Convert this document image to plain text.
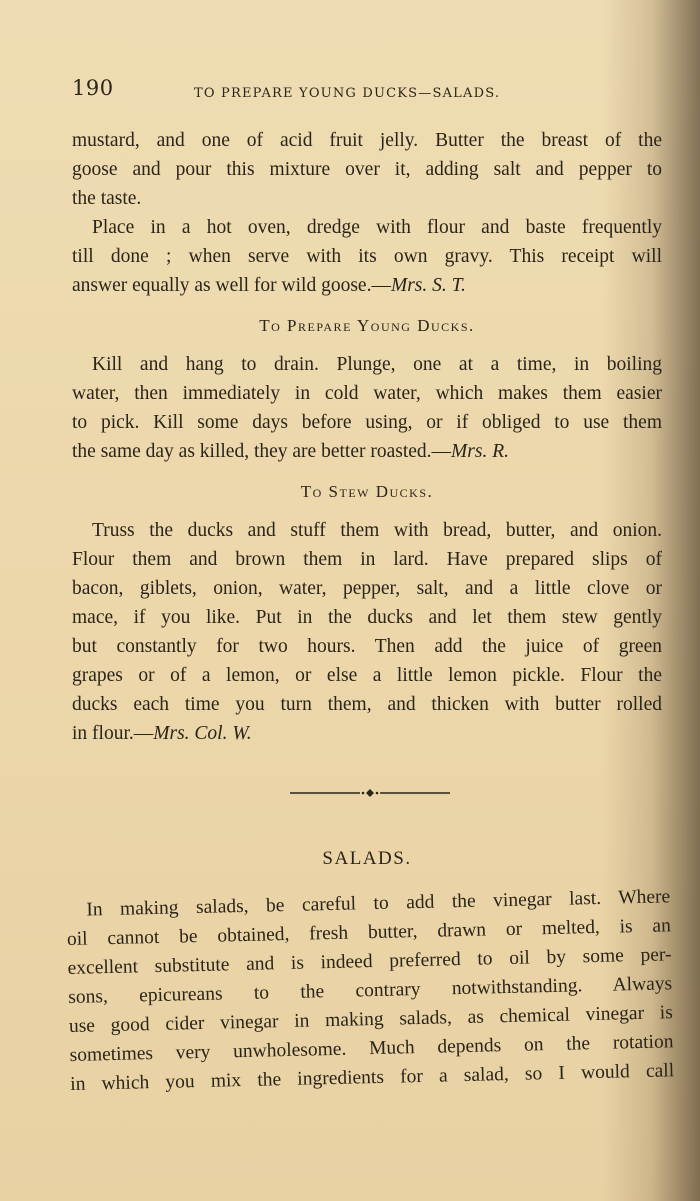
190	TO PREPARE YOUNG DUCKS—SALADS.

mustard, and one of acid fruit jelly. Butter the breast of the
goose and pour this mixture over it, adding salt and pepper to
the taste.

Place in a hot oven, dredge with flour and baste frequently
till done ; when serve with its own gravy. This receipt will
answer equally as well for wild goose.—Mrs. S. T.

To Prepare Young Ducks.

Kill and hang to drain. Plunge, one at a time, in boiling
water, then immediately in cold water, which makes them easier
to pick. Kill some days before using, or if obliged to use them
the same day as killed, they are better roasted.—Mrs. R.

To Stew Ducks.

Truss the ducks and stuff them with bread, butter, and onion.
Flour them and brown them in lard. Have prepared slips of
bacon, giblets, onion, water, pepper, salt, and a little clove or
mace, if you like. Put in the ducks and let them stew gently
but constantly for two hours. Then add the juice of green
grapes or of a lemon, or else a little lemon pickle. Flour the
ducks each time you turn them, and thicken with butter rolled
in flour.—Mrs. Col. W.

SALADS.
In making salads, be careful to add the vinegar last. Where
oil cannot be obtained, fresh butter, drawn or melted, is an
excellent substitute and is indeed preferred to oil by some per-
sons, epicureans to the contrary notwithstanding. Always
use good cider vinegar in making salads, as chemical vinegar is
sometimes very unwholesome. Much depends on the rotation
in which you mix the ingredients for a salad, so I would call
